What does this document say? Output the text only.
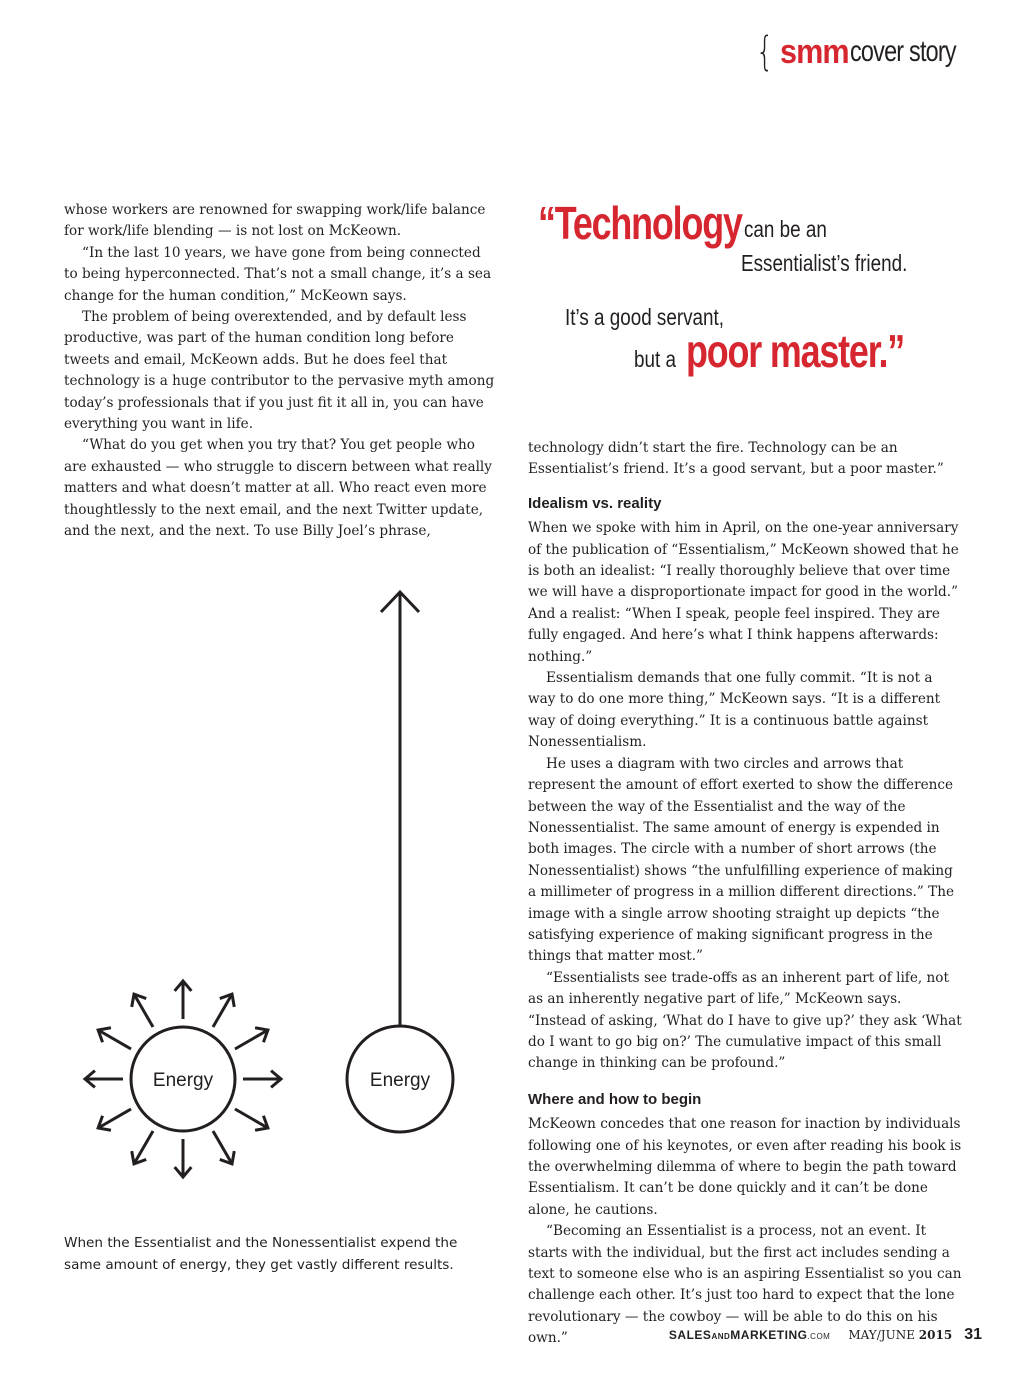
{ smm cover story

whose workers are renowned for swapping work/life balance for work/life blending — is not lost on McKeown.

“In the last 10 years, we have gone from being connected to being hyperconnected. That’s not a small change, it’s a sea change for the human condition,” McKeown says.

The problem of being overextended, and by default less productive, was part of the human condition long before tweets and email, McKeown adds. But he does feel that technology is a huge contributor to the pervasive myth among today’s professionals that if you just fit it all in, you can have everything you want in life.

“What do you get when you try that? You get people who are exhausted — who struggle to discern between what really matters and what doesn’t matter at all. Who react even more thoughtlessly to the next email, and the next Twitter update, and the next, and the next. To use Billy Joel’s phrase,

“Technology can be an
Essentialist’s friend.
It’s a good servant,
but a poor master.”
Energy
Energy
When the Essentialist and the Nonessentialist expend the same amount of energy, they get vastly different results.

technology didn’t start the fire. Technology can be an Essentialist’s friend. It’s a good servant, but a poor master.”

Idealism vs. reality

When we spoke with him in April, on the one-year anniversary of the publication of “Essentialism,” McKeown showed that he is both an idealist: “I really thoroughly believe that over time we will have a disproportionate impact for good in the world.” And a realist: “When I speak, people feel inspired. They are fully engaged. And here’s what I think happens afterwards: nothing.”

Essentialism demands that one fully commit. “It is not a way to do one more thing,” McKeown says. “It is a different way of doing everything.” It is a continuous battle against Nonessentialism.

He uses a diagram with two circles and arrows that represent the amount of effort exerted to show the difference between the way of the Essentialist and the way of the Nonessentialist. The same amount of energy is expended in both images. The circle with a number of short arrows (the Nonessentialist) shows “the unfulfilling experience of making a millimeter of progress in a million different directions.” The image with a single arrow shooting straight up depicts “the satisfying experience of making significant progress in the things that matter most.”

“Essentialists see trade-offs as an inherent part of life, not as an inherently negative part of life,” McKeown says. “Instead of asking, ‘What do I have to give up?’ they ask ‘What do I want to go big on?’ The cumulative impact of this small change in thinking can be profound.”

Where and how to begin

McKeown concedes that one reason for inaction by individuals following one of his keynotes, or even after reading his book is the overwhelming dilemma of where to begin the path toward Essentialism. It can’t be done quickly and it can’t be done alone, he cautions.

“Becoming an Essentialist is a process, not an event. It starts with the individual, but the first act includes sending a text to someone else who is an aspiring Essentialist so you can challenge each other. It’s just too hard to expect that the lone revolutionary — the cowboy — will be able to do this on his own.”	SALESANDMARKETING.COM MAY/JUNE 2015 31
